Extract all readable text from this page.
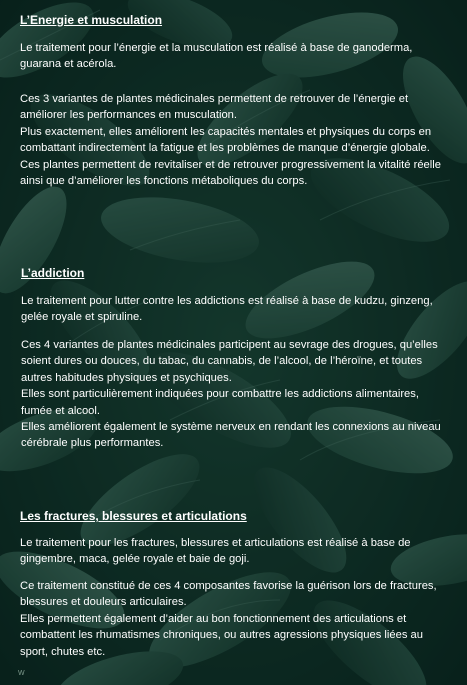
L’Energie et musculation

Le traitement pour l’énergie et la musculation est réalisé à base de ganoderma, guarana et acérola.

Ces 3 variantes de plantes médicinales permettent de retrouver de l’énergie et améliorer les performances en musculation.
Plus exactement, elles améliorent les capacités mentales et physiques du corps en combattant indirectement la fatigue et les problèmes de manque d’énergie globale.
Ces plantes permettent de revitaliser et de retrouver progressivement la vitalité réelle ainsi que d’améliorer les fonctions métaboliques du corps.

L’addiction

Le traitement pour lutter contre les addictions est réalisé à base de kudzu, ginzeng, gelée royale et spiruline.

Ces 4 variantes de plantes médicinales participent au sevrage des drogues, qu’elles soient dures ou douces, du tabac, du cannabis, de l’alcool, de l’héroïne, et toutes autres habitudes physiques et psychiques.
Elles sont particulièrement indiquées pour combattre les addictions alimentaires, fumée et alcool.
Elles améliorent également le système nerveux en rendant les connexions au niveau cérébrale plus performantes.

Les fractures, blessures et articulations

Le traitement pour les fractures, blessures et articulations est réalisé à base de gingembre, maca, gelée royale et baie de goji.

Ce traitement constitué de ces 4 composantes favorise la guérison lors de fractures, blessures et douleurs articulaires.
Elles permettent également d’aider au bon fonctionnement des articulations et combattent les rhumatismes chroniques, ou autres agressions physiques liées au sport, chutes etc.

W
